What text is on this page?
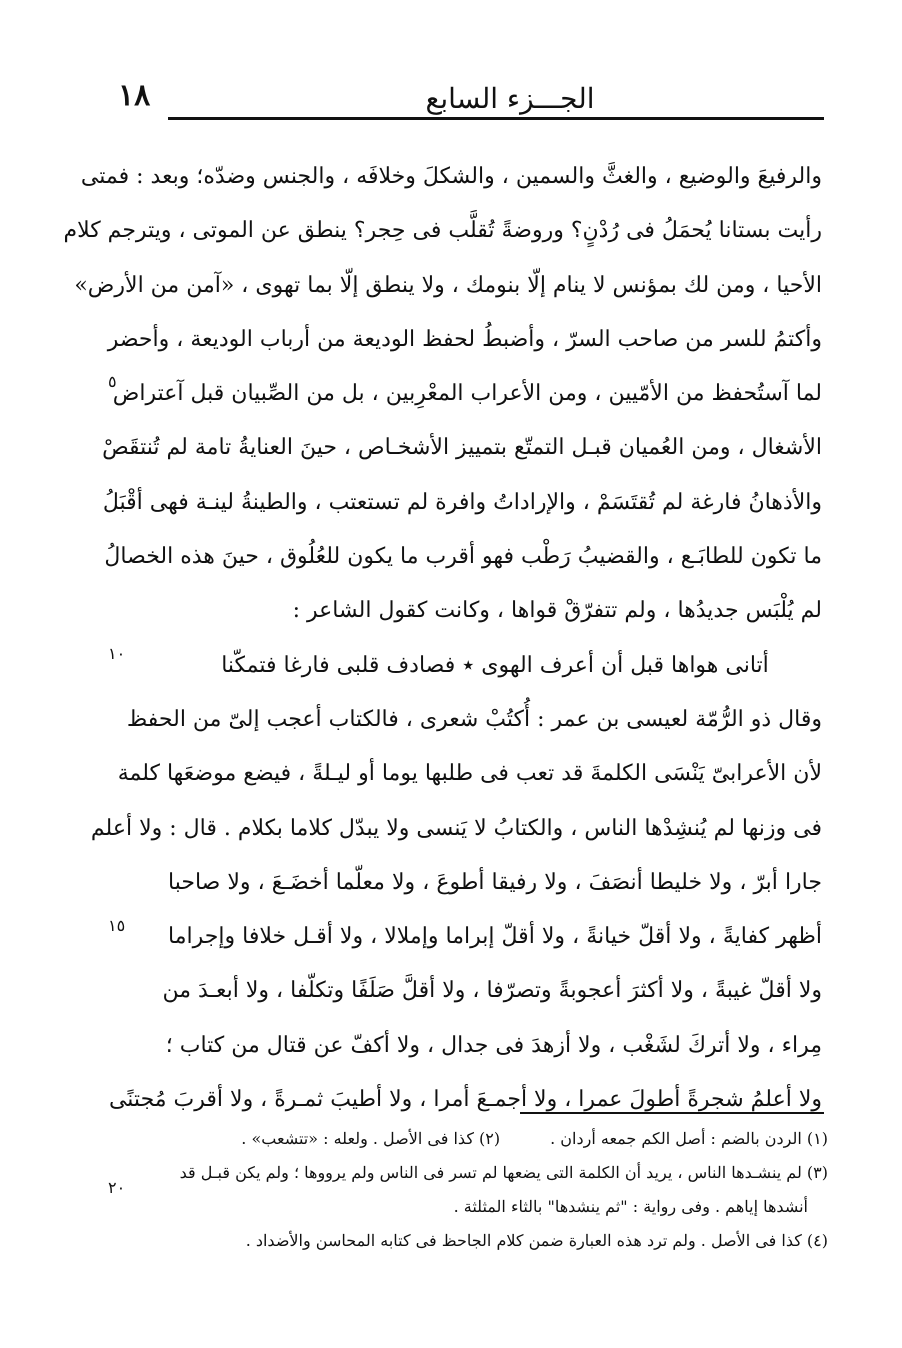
١٨	الجـــزء السابع
والرفيعَ والوضيع ، والغثَّ والسمين ، والشكلَ وخلافَه ، والجنس وضدّه؛ وبعد : فمتى
رأيت بستانا يُحمَلُ فى رُدْنٍ؟ وروضةً تُقلَّب فى حِجر؟ ينطق عن الموتى ، ويترجم كلام
الأحيا ، ومن لك بمؤنس لا ينام إلّا بنومك ، ولا ينطق إلّا بما تهوى ، «آمن من الأرض»
وأكتمُ للسر من صاحب السرّ ، وأضبطُ لحفظ الوديعة من أرباب الوديعة ، وأحضر
لما آستُحفظ من الأمّيين ، ومن الأعراب المعْرِبين ، بل من الصِّبيان قبل آعتراض
الأشغال ، ومن العُميان قبـل التمتّع بتمييز الأشخـاص ، حينَ العنايةُ تامة لم تُنتقَصْ
والأذهانُ فارغة لم تُقتَسَمْ ، والإراداتُ وافرة لم تستعتب ، والطينةُ لينـة فهى أقْبَلُ
ما تكون للطابَـع ، والقضيبُ رَطْب فهو أقرب ما يكون للعُلُوق ، حينَ هذه الخصالُ
لم يُلْبَس جديدُها ، ولم تتفرّقْ قواها ، وكانت كقول الشاعر :
أتانى هواها قبل أن أعرف الهوى ٭ فصادف قلبى فارغا فتمكّنا
وقال ذو الرُّمّة لعيسى بن عمر : أُكتُبْ شعرى ، فالكتاب أعجب إلىّ من الحفظ
لأن الأعرابىّ يَنْسَى الكلمةَ قد تعب فى طلبها يوما أو ليـلةً ، فيضع موضعَها كلمة
فى وزنها لم يُنشِدْها الناس ، والكتابُ لا يَنسى ولا يبدّل كلاما بكلام . قال : ولا أعلم
جارا أبرّ ، ولا خليطا أنصَفَ ، ولا رفيقا أطوعَ ، ولا معلّما أخضَـعَ ، ولا صاحبا
أظهر كفايةً ، ولا أقلّ خيانةً ، ولا أقلّ إبراما وإملالا ، ولا أقـل خلافا وإجراما
ولا أقلّ غيبةً ، ولا أكثرَ أعجوبةً وتصرّفا ، ولا أقلَّ صَلَفًا وتكلّفا ، ولا أبعـدَ من
مِراء ، ولا أتركَ لشَغْب ، ولا أزهدَ فى جدال ، ولا أكفّ عن قتال من كتاب ؛
ولا أعلمُ شجرةً أطولَ عمرا ، ولا أجمـعَ أمرا ، ولا أطيبَ ثمـرةً ، ولا أقربَ مُجتنًى
٥
١٠
١٥
٢٠
(١) الردن بالضم : أصل الكم جمعه أردان .
(٢) كذا فى الأصل . ولعله : «تتشعب» .
(٣) لم ينشـدها الناس ، يريد أن الكلمة التى يضعها لم تسر فى الناس ولم يرووها ؛ ولم يكن قبـل قد
أنشدها إياهم . وفى رواية : "ثم ينشدها" بالثاء المثلثة .
(٤) كذا فى الأصل . ولم ترد هذه العبارة ضمن كلام الجاحظ فى كتابه المحاسن والأضداد .
